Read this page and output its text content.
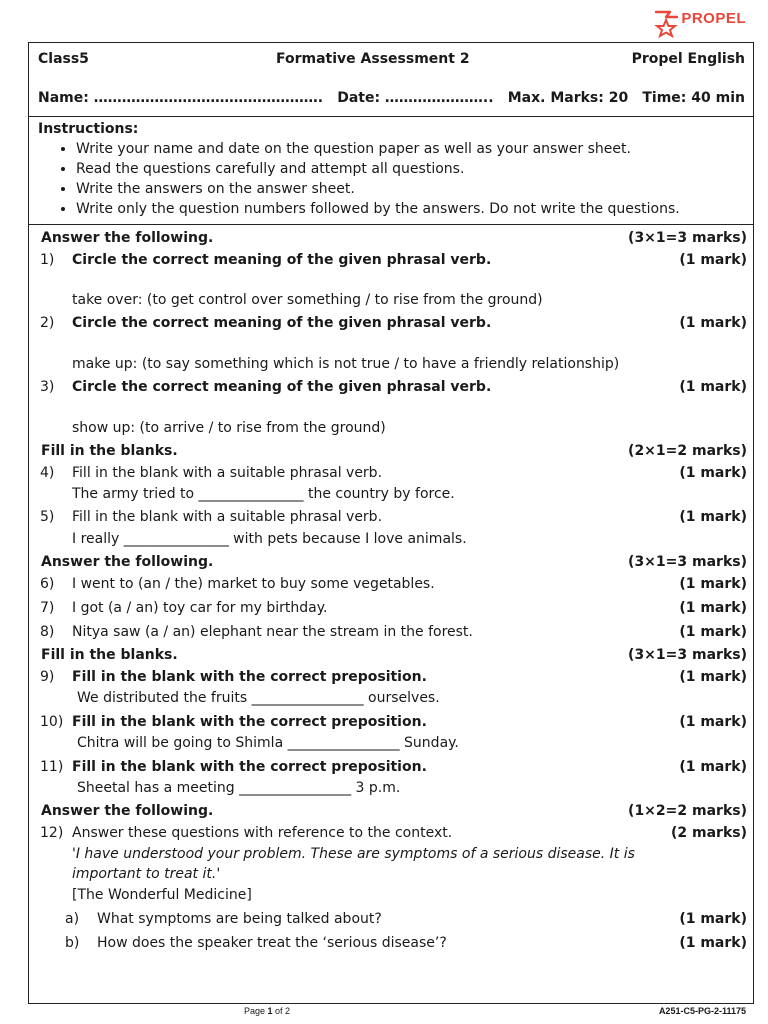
PROPEL
Class5	Formative Assessment 2	Propel English
Name: …………………………………………. Date: ………………….. Max. Marks: 20 Time: 40 min
Instructions:
• Write your name and date on the question paper as well as your answer sheet.
• Read the questions carefully and attempt all questions.
• Write the answers on the answer sheet.
• Write only the question numbers followed by the answers. Do not write the questions.
Answer the following.	(3×1=3 marks)
1) Circle the correct meaning of the given phrasal verb.	(1 mark)
take over: (to get control over something / to rise from the ground)
2) Circle the correct meaning of the given phrasal verb.	(1 mark)
make up: (to say something which is not true / to have a friendly relationship)
3) Circle the correct meaning of the given phrasal verb.	(1 mark)
show up: (to arrive / to rise from the ground)
Fill in the blanks.	(2×1=2 marks)
4) Fill in the blank with a suitable phrasal verb.	(1 mark)
The army tried to _______________ the country by force.
5) Fill in the blank with a suitable phrasal verb.	(1 mark)
I really _______________ with pets because I love animals.
Answer the following.	(3×1=3 marks)
6) I went to (an / the) market to buy some vegetables.	(1 mark)
7) I got (a / an) toy car for my birthday.	(1 mark)
8) Nitya saw (a / an) elephant near the stream in the forest.	(1 mark)
Fill in the blanks.	(3×1=3 marks)
9) Fill in the blank with the correct preposition.	(1 mark)
We distributed the fruits ________________ ourselves.
10) Fill in the blank with the correct preposition.	(1 mark)
Chitra will be going to Shimla ________________ Sunday.
11) Fill in the blank with the correct preposition.	(1 mark)
Sheetal has a meeting ________________ 3 p.m.
Answer the following.	(1×2=2 marks)
12) Answer these questions with reference to the context.	(2 marks)
'I have understood your problem. These are symptoms of a serious disease. It is
important to treat it.'
[The Wonderful Medicine]
a) What symptoms are being talked about?	(1 mark)
b) How does the speaker treat the ‘serious disease’?	(1 mark)
Page 1 of 2	A251-C5-PG-2-11175
